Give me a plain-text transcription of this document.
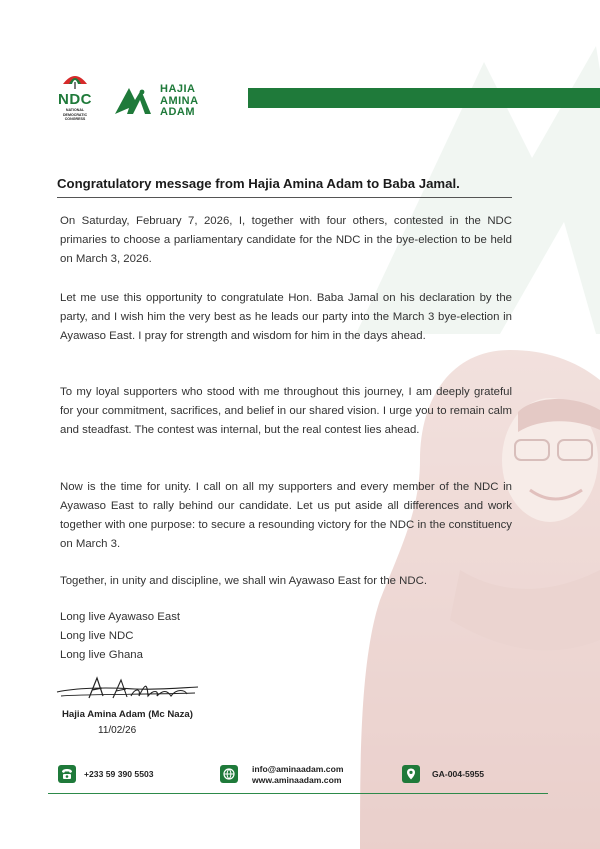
NDC
NATIONAL
DEMOCRATIC
CONGRESS
HAJIA
AMINA
ADAM
Congratulatory message from Hajia Amina Adam to Baba Jamal.

On Saturday, February 7, 2026, I, together with four others, contested in the NDC primaries to choose a parliamentary candidate for the NDC in the bye-election to be held on March 3, 2026.

Let me use this opportunity to congratulate Hon. Baba Jamal on his declaration by the party, and I wish him the very best as he leads our party into the March 3 bye-election in Ayawaso East. I pray for strength and wisdom for him in the days ahead.

To my loyal supporters who stood with me throughout this journey, I am deeply grateful for your commitment, sacrifices, and belief in our shared vision. I urge you to remain calm and steadfast. The contest was internal, but the real contest lies ahead.

Now is the time for unity. I call on all my supporters and every member of the NDC in Ayawaso East to rally behind our candidate. Let us put aside all differences and work together with one purpose: to secure a resounding victory for the NDC in the constituency on March 3.

Together, in unity and discipline, we shall win Ayawaso East for the NDC.

Long live Ayawaso East
Long live NDC
Long live Ghana
Hajia Amina Adam (Mc Naza)
11/02/26
+233 59 390 5503	info@aminaadam.com
www.aminaadam.com
GA-004-5955
